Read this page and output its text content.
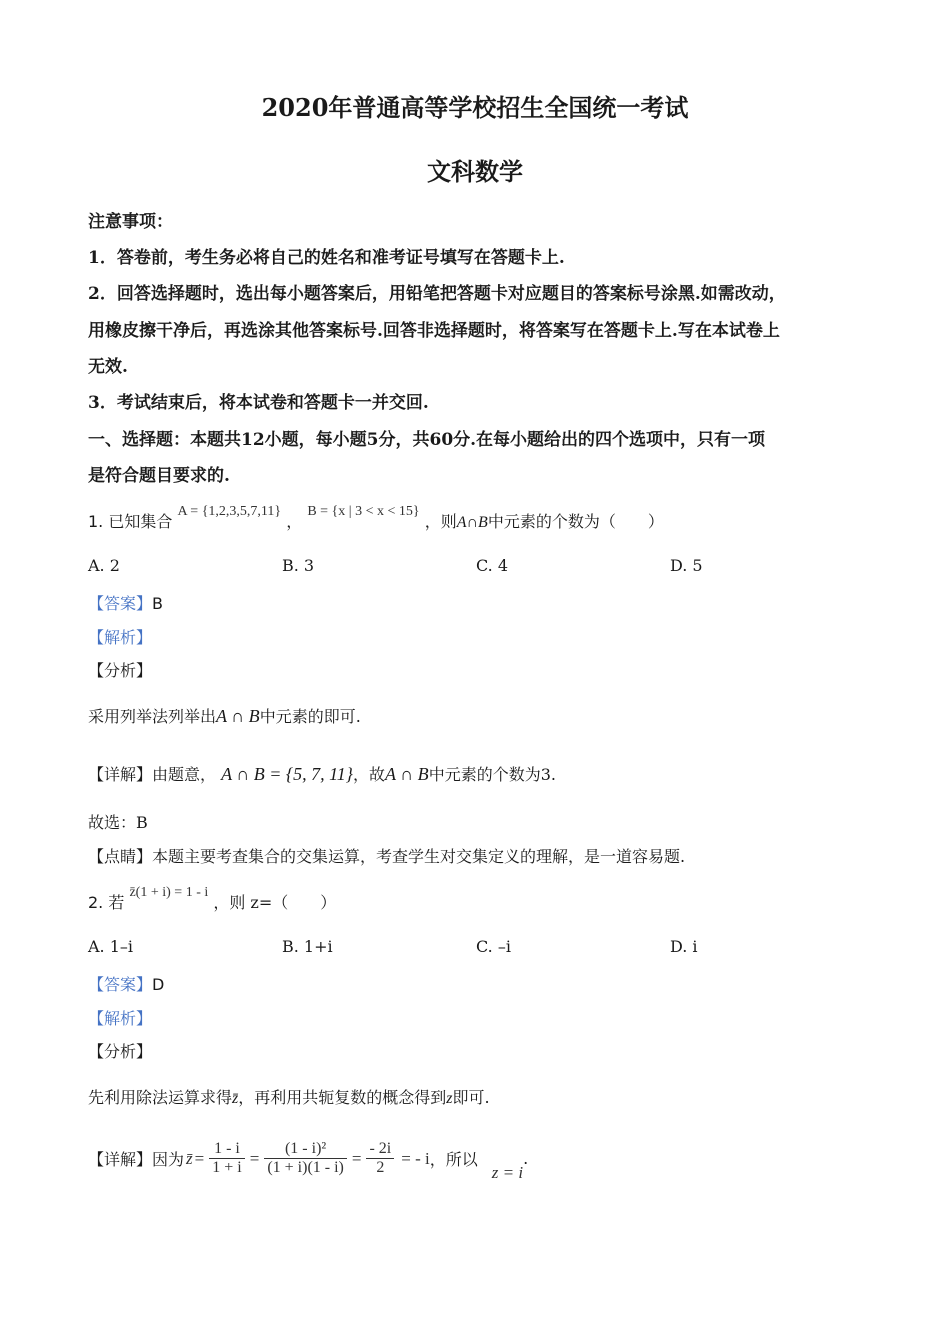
2020年普通高等学校招生全国统一考试
文科数学
注意事项：
1．答卷前，考生务必将自己的姓名和准考证号填写在答题卡上.
2．回答选择题时，选出每小题答案后，用铅笔把答题卡对应题目的答案标号涂黑.如需改动，
用橡皮擦干净后，再选涂其他答案标号.回答非选择题时，将答案写在答题卡上.写在本试卷上
无效.
3．考试结束后，将本试卷和答题卡一并交回.
一、选择题：本题共12小题，每小题5分，共60分.在每小题给出的四个选项中，只有一项
是符合题目要求的.
1. 已知集合 A = {1,2,3,5,7,11} ， B = {x | 3 < x < 15} ，则A∩B中元素的个数为（　　）
A. 2	B. 3	C. 4	D. 5
【答案】B
【解析】
【分析】
采用列举法列举出A ∩ B中元素的即可.
【详解】由题意， A ∩ B = {5, 7, 11}，故A ∩ B中元素的个数为3.
故选：B
【点睛】本题主要考查集合的交集运算，考查学生对交集定义的理解，是一道容易题.
2. 若 z̄(1 + i) = 1 - i ，则 z=（　　）
A. 1–i	B. 1+i	C. –i	D. i
【答案】D
【解析】
【分析】
先利用除法运算求得z̄，再利用共轭复数的概念得到z即可.
【详解】 因为 z̄ = $\frac{1 - i}{1 + i} = \frac{\text{(1 - i)²}}{(1 + i)(1 - i)} = \frac{- 2i}{2}$ = - i ，所以
z = i
.
